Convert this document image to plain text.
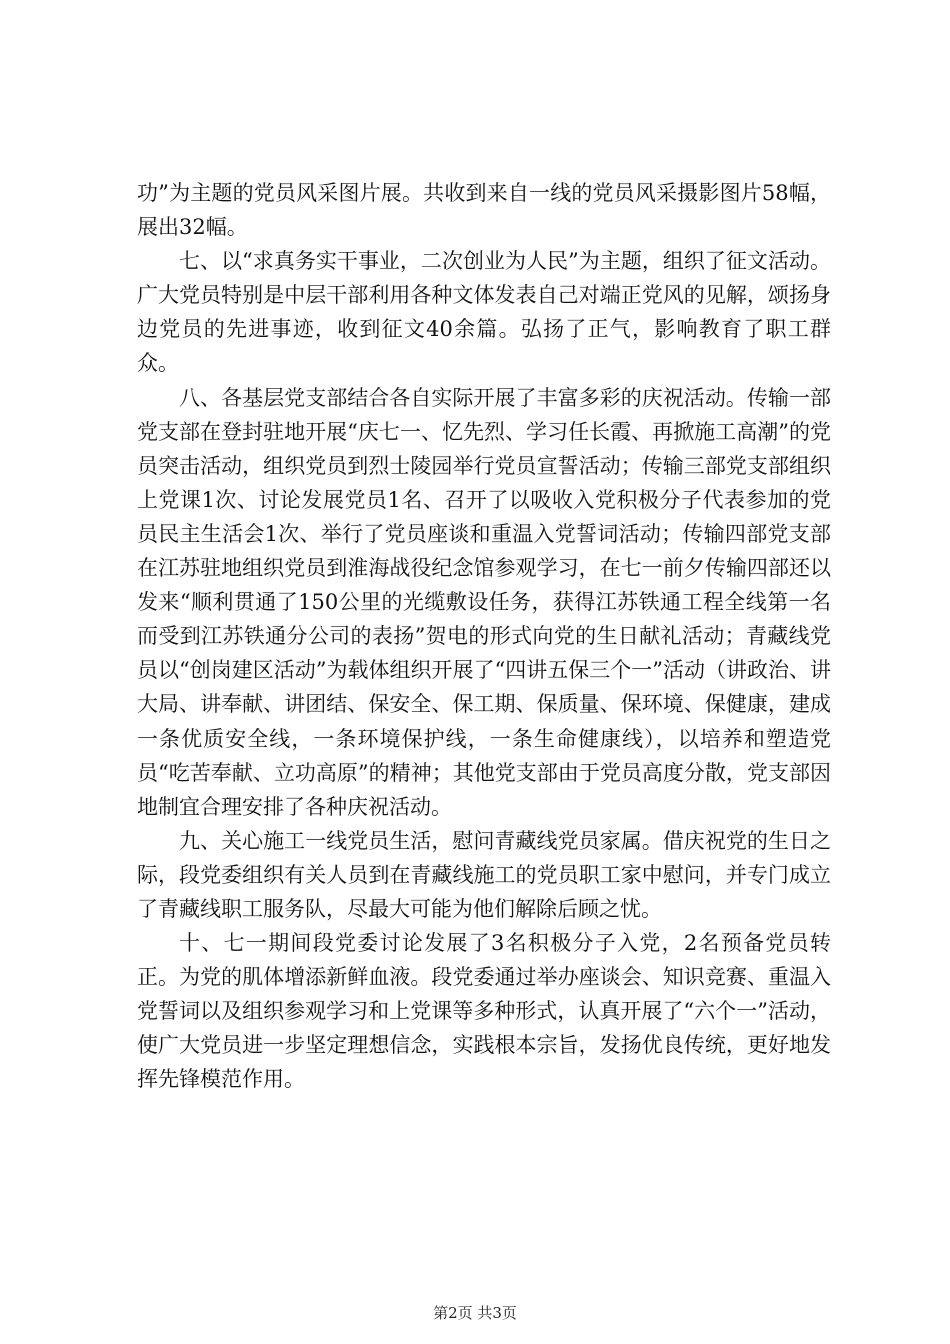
功”为主题的党员风采图片展。共收到来自一线的党员风采摄影图片58幅，展出32幅。

七、以“求真务实干事业，二次创业为人民”为主题，组织了征文活动。广大党员特别是中层干部利用各种文体发表自己对端正党风的见解，颂扬身边党员的先进事迹，收到征文40余篇。弘扬了正气，影响教育了职工群众。

八、各基层党支部结合各自实际开展了丰富多彩的庆祝活动。传输一部党支部在登封驻地开展“庆七一、忆先烈、学习任长霞、再掀施工高潮”的党员突击活动，组织党员到烈士陵园举行党员宣誓活动；传输三部党支部组织上党课1次、讨论发展党员1名、召开了以吸收入党积极分子代表参加的党员民主生活会1次、举行了党员座谈和重温入党誓词活动；传输四部党支部在江苏驻地组织党员到淮海战役纪念馆参观学习，在七一前夕传输四部还以发来“顺利贯通了150公里的光缆敷设任务，获得江苏铁通工程全线第一名而受到江苏铁通分公司的表扬”贺电的形式向党的生日献礼活动；青藏线党员以“创岗建区活动”为载体组织开展了“四讲五保三个一”活动（讲政治、讲大局、讲奉献、讲团结、保安全、保工期、保质量、保环境、保健康，建成一条优质安全线，一条环境保护线，一条生命健康线），以培养和塑造党员“吃苦奉献、立功高原”的精神；其他党支部由于党员高度分散，党支部因地制宜合理安排了各种庆祝活动。

九、关心施工一线党员生活，慰问青藏线党员家属。借庆祝党的生日之际，段党委组织有关人员到在青藏线施工的党员职工家中慰问，并专门成立了青藏线职工服务队，尽最大可能为他们解除后顾之忧。

十、七一期间段党委讨论发展了3名积极分子入党，2名预备党员转正。为党的肌体增添新鲜血液。段党委通过举办座谈会、知识竞赛、重温入党誓词以及组织参观学习和上党课等多种形式，认真开展了“六个一”活动，使广大党员进一步坚定理想信念，实践根本宗旨，发扬优良传统，更好地发挥先锋模范作用。

第2页 共3页
